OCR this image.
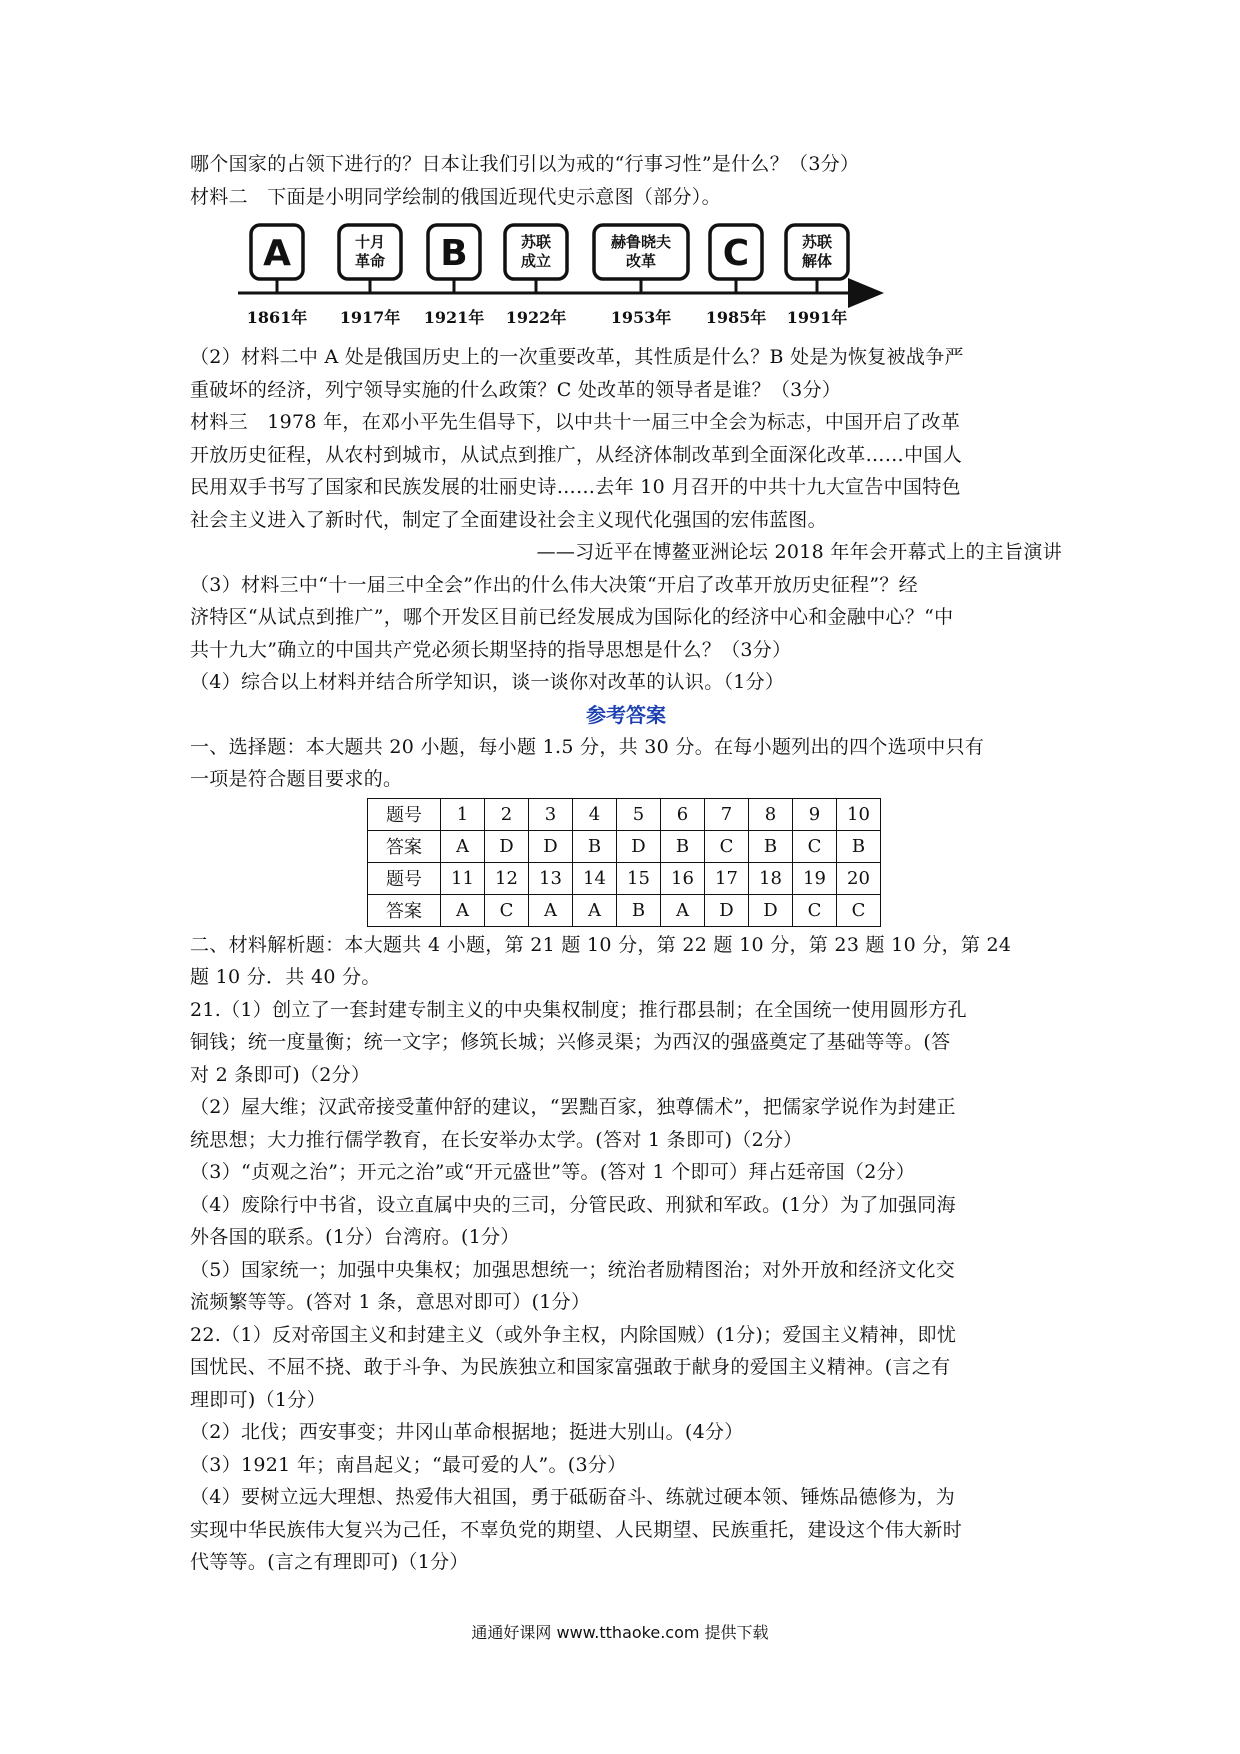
哪个国家的占领下进行的？日本让我们引以为戒的“行事习性”是什么？（3分）
材料二　下面是小明同学绘制的俄国近现代史示意图（部分）。
A
1861年
十月革命
1917年
B
1921年
苏联成立
1922年
赫鲁晓夫改革
1953年
C
1985年
苏联解体
1991年
（2）材料二中 A 处是俄国历史上的一次重要改革，其性质是什么？B 处是为恢复被战争严
重破坏的经济，列宁领导实施的什么政策？C 处改革的领导者是谁？（3分）
材料三　1978 年，在邓小平先生倡导下，以中共十一届三中全会为标志，中国开启了改革
开放历史征程，从农村到城市，从试点到推广，从经济体制改革到全面深化改革……中国人
民用双手书写了国家和民族发展的壮丽史诗……去年 10 月召开的中共十九大宣告中国特色
社会主义进入了新时代，制定了全面建设社会主义现代化强国的宏伟蓝图。
——习近平在博鳌亚洲论坛 2018 年年会开幕式上的主旨演讲
（3）材料三中“十一届三中全会”作出的什么伟大决策“开启了改革开放历史征程”？经
济特区“从试点到推广”，哪个开发区目前已经发展成为国际化的经济中心和金融中心？“中
共十九大”确立的中国共产党必须长期坚持的指导思想是什么？（3分）
（4）综合以上材料并结合所学知识，谈一谈你对改革的认识。（1分）
参考答案
一、选择题：本大题共 20 小题，每小题 1.5 分，共 30 分。在每小题列出的四个选项中只有
一项是符合题目要求的。
题号	1	2	3	4	5	6	7	8	9	10
答案	A	D	D	B	D	B	C	B	C	B
题号	11	12	13	14	15	16	17	18	19	20
答案	A	C	A	A	B	A	D	D	C	C
二、材料解析题：本大题共 4 小题，第 21 题 10 分，第 22 题 10 分，第 23 题 10 分，第 24
题 10 分．共 40 分。
21.（1）创立了一套封建专制主义的中央集权制度；推行郡县制；在全国统一使用圆形方孔
铜钱；统一度量衡；统一文字；修筑长城；兴修灵渠；为西汉的强盛奠定了基础等等。(答
对 2 条即可)（2分）
（2）屋大维；汉武帝接受董仲舒的建议，“罢黜百家，独尊儒术”，把儒家学说作为封建正
统思想；大力推行儒学教育，在长安举办太学。(答对 1 条即可)（2分）
（3）“贞观之治”；开元之治”或“开元盛世”等。(答对 1 个即可）拜占廷帝国（2分）
（4）废除行中书省，设立直属中央的三司，分管民政、刑狱和军政。(1分）为了加强同海
外各国的联系。(1分）台湾府。(1分）
（5）国家统一；加强中央集权；加强思想统一；统治者励精图治；对外开放和经济文化交
流频繁等等。(答对 1 条，意思对即可）(1分）
22.（1）反对帝国主义和封建主义（或外争主权，内除国贼）(1分)；爱国主义精神，即忧
国忧民、不屈不挠、敢于斗争、为民族独立和国家富强敢于献身的爱国主义精神。(言之有
理即可)（1分）
（2）北伐；西安事变；井冈山革命根据地；挺进大别山。(4分）
（3）1921 年；南昌起义；“最可爱的人”。(3分）
（4）要树立远大理想、热爱伟大祖国，勇于砥砺奋斗、练就过硬本领、锤炼品德修为，为
实现中华民族伟大复兴为己任，不辜负党的期望、人民期望、民族重托，建设这个伟大新时
代等等。(言之有理即可)（1分）
通通好课网 www.tthaoke.com 提供下载
